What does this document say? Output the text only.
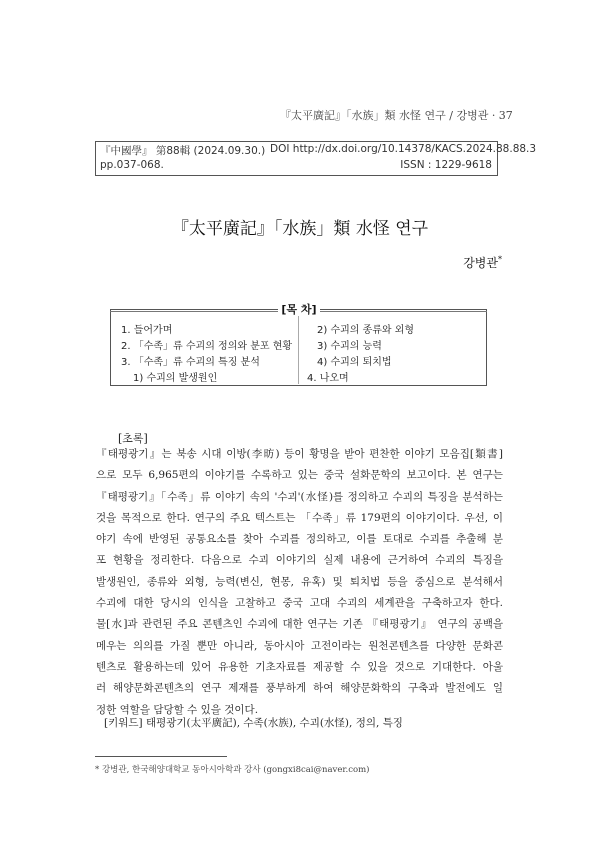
『太平廣記』「水族」類 水怪 연구 / 강병관 · 37
『中國學』 第88輯 (2024.09.30.)
pp.037-068.
DOI http://dx.doi.org/10.14378/KACS.2024.88.88.3
ISSN : 1229-9618
『太平廣記』「水族」類 水怪 연구
강병관*
[목 차]
1. 들어가며
2. 「수족」류 수괴의 정의와 분포 현황
3. 「수족」류 수괴의 특징 분석
1) 수괴의 발생원인
2) 수괴의 종류와 외형
3) 수괴의 능력
4) 수괴의 퇴치법
4. 나오며
[초록]
『태평광기』는 북송 시대 이방(李昉) 등이 황명을 받아 편찬한 이야기 모음집[類書]
으로 모두 6,965편의 이야기를 수록하고 있는 중국 설화문학의 보고이다. 본 연구는
『태평광기』「수족」류 이야기 속의 '수괴'(水怪)를 정의하고 수괴의 특징을 분석하는
것을 목적으로 한다. 연구의 주요 텍스트는 「수족」류 179편의 이야기이다. 우선, 이
야기 속에 반영된 공통요소를 찾아 수괴를 정의하고, 이를 토대로 수괴를 추출해 분
포 현황을 정리한다. 다음으로 수괴 이야기의 실제 내용에 근거하여 수괴의 특징을
발생원인, 종류와 외형, 능력(변신, 현몽, 유혹) 및 퇴치법 등을 중심으로 분석해서
수괴에 대한 당시의 인식을 고찰하고 중국 고대 수괴의 세계관을 구축하고자 한다.
물[水]과 관련된 주요 콘텐츠인 수괴에 대한 연구는 기존 『태평광기』 연구의 공백을
메우는 의의를 가질 뿐만 아니라, 동아시아 고전이라는 원천콘텐츠를 다양한 문화콘
텐츠로 활용하는데 있어 유용한 기초자료를 제공할 수 있을 것으로 기대한다. 아울
러 해양문화콘텐츠의 연구 제재를 풍부하게 하여 해양문화학의 구축과 발전에도 일
정한 역할을 담당할 수 있을 것이다.
[키워드] 태평광기(太平廣記), 수족(水族), 수괴(水怪), 정의, 특징
* 강병관, 한국해양대학교 동아시아학과 강사 (gongxi8cai@naver.com)
